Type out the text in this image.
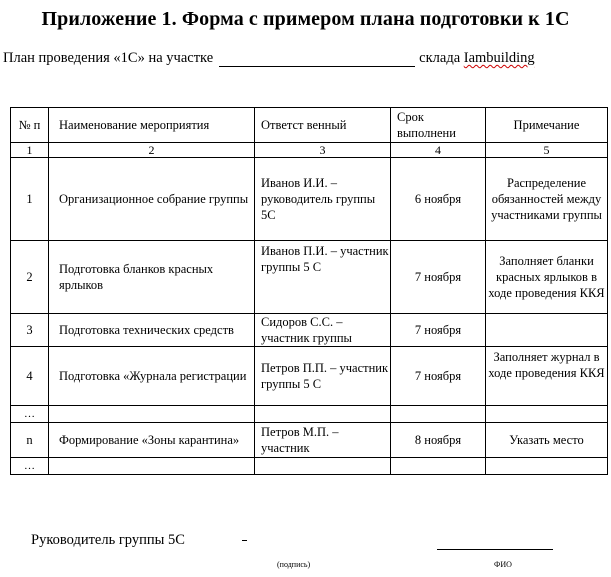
Приложение 1. Форма с примером плана подготовки к 1С
План проведения «1С» на участке	склада Iambuilding
№ п	Наименование мероприятия	Ответст венный	Срок выполнени	Примечание
1	2	3	4	5
1	Организационное собрание группы	Иванов И.И. – руководитель группы 5С	6 ноября	Распределение обязанностей между участниками группы
2	Подготовка бланков красных ярлыков	Иванов П.И. – участник группы 5 С	7 ноября	Заполняет бланки красных ярлыков в ходе проведения ККЯ
3	Подготовка технических средств	Сидоров С.С. – участник группы	7 ноября	
4	Подготовка «Журнала регистрации	Петров П.П. – участник группы 5 С	7 ноября	Заполняет журнал в ходе проведения ККЯ

…				
n	Формирование «Зоны карантина»	Петров М.П. – участник	8 ноября	Указать место
…				
Руководитель группы 5С
(подпись)	ФИО
